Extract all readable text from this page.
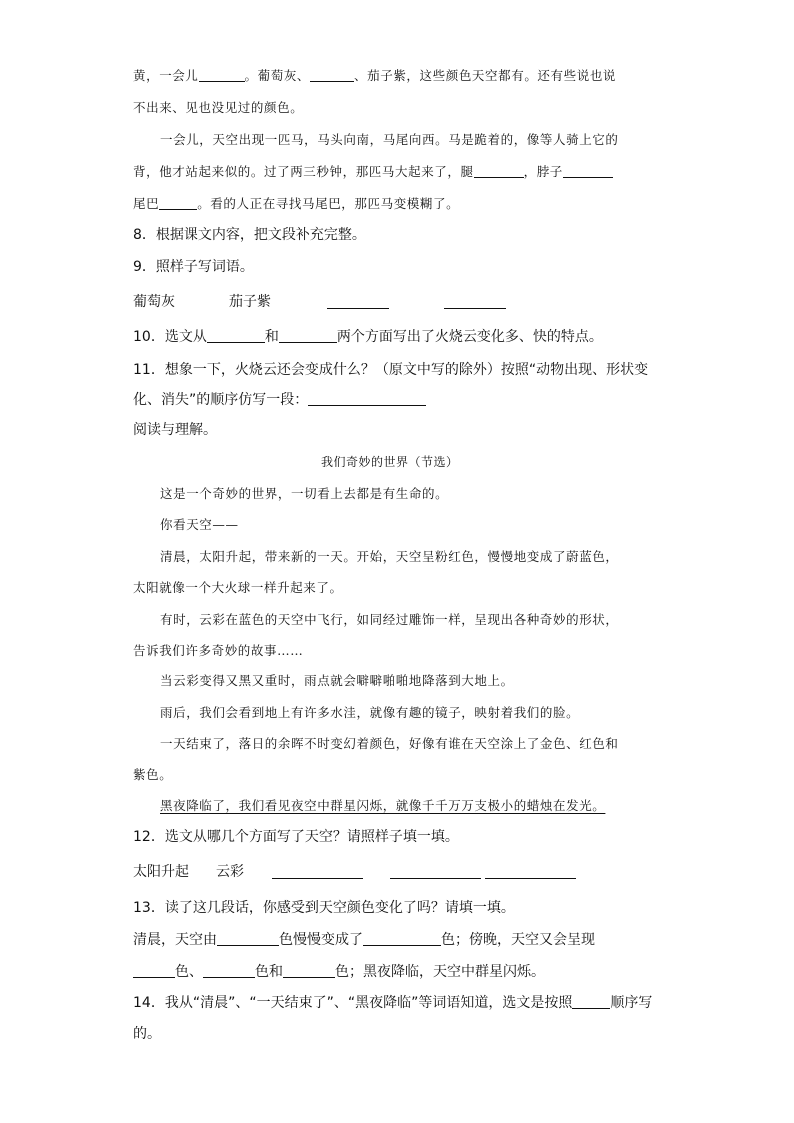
黄，一会儿	。葡萄灰、	、茄子紫，这些颜色天空都有。还有些说也说
不出来、见也没见过的颜色。
一会儿，天空出现一匹马，马头向南，马尾向西。马是跪着的，像等人骑上它的
背，他才站起来似的。过了两三秒钟，那匹马大起来了，腿	，脖子
尾巴	。看的人正在寻找马尾巴，那匹马变模糊了。
8．根据课文内容，把文段补充完整。
9．照样子写词语。
葡萄灰	茄子紫
10．选文从	和	两个方面写出了火烧云变化多、快的特点。
11．想象一下，火烧云还会变成什么？（原文中写的除外）按照“动物出现、形状变
化、消失”的顺序仿写一段：
阅读与理解。
我们奇妙的世界（节选）
这是一个奇妙的世界，一切看上去都是有生命的。
你看天空——
清晨，太阳升起，带来新的一天。开始，天空呈粉红色，慢慢地变成了蔚蓝色，
太阳就像一个大火球一样升起来了。
有时，云彩在蓝色的天空中飞行，如同经过雕饰一样，呈现出各种奇妙的形状，
告诉我们许多奇妙的故事……
当云彩变得又黑又重时，雨点就会噼噼啪啪地降落到大地上。
雨后，我们会看到地上有许多水洼，就像有趣的镜子，映射着我们的脸。
一天结束了，落日的余晖不时变幻着颜色，好像有谁在天空涂上了金色、红色和
紫色。
黑夜降临了，我们看见夜空中群星闪烁，就像千千万万支极小的蜡烛在发光。
12．选文从哪几个方面写了天空？请照样子填一填。
太阳升起 云彩
13．读了这几段话，你感受到天空颜色变化了吗？请填一填。
清晨，天空由	色慢慢变成了	色；傍晚，天空又会呈现
色、	色和	色；黑夜降临，天空中群星闪烁。
14．我从“清晨”、“一天结束了”、“黑夜降临”等词语知道，选文是按照	顺序写
的。
